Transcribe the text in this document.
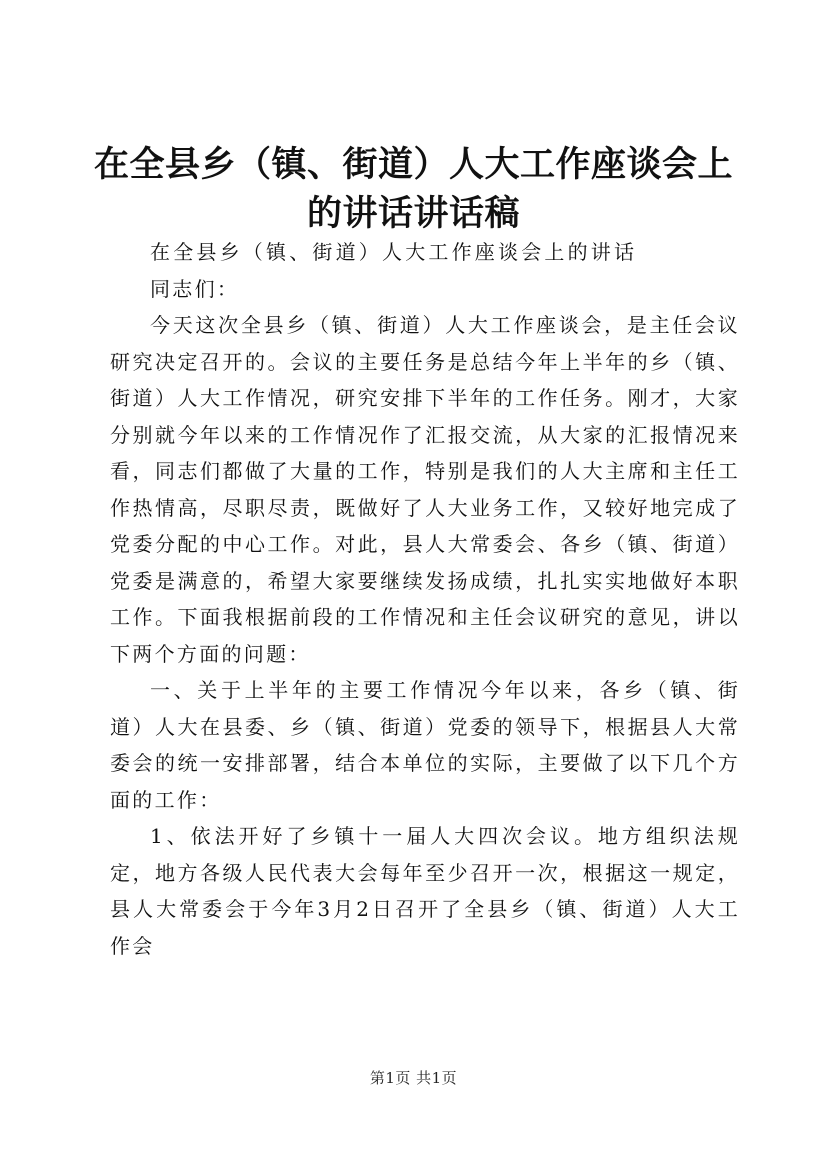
在全县乡（镇、街道）人大工作座谈会上的讲话讲话稿

在全县乡（镇、街道）人大工作座谈会上的讲话

同志们：

今天这次全县乡（镇、街道）人大工作座谈会，是主任会议研究决定召开的。会议的主要任务是总结今年上半年的乡（镇、街道）人大工作情况，研究安排下半年的工作任务。刚才，大家分别就今年以来的工作情况作了汇报交流，从大家的汇报情况来看，同志们都做了大量的工作，特别是我们的人大主席和主任工作热情高，尽职尽责，既做好了人大业务工作，又较好地完成了党委分配的中心工作。对此，县人大常委会、各乡（镇、街道）党委是满意的，希望大家要继续发扬成绩，扎扎实实地做好本职工作。下面我根据前段的工作情况和主任会议研究的意见，讲以下两个方面的问题：

一、关于上半年的主要工作情况今年以来，各乡（镇、街道）人大在县委、乡（镇、街道）党委的领导下，根据县人大常委会的统一安排部署，结合本单位的实际，主要做了以下几个方面的工作：

1、依法开好了乡镇十一届人大四次会议。地方组织法规定，地方各级人民代表大会每年至少召开一次，根据这一规定，县人大常委会于今年3月2日召开了全县乡（镇、街道）人大工作会

第1页 共1页
